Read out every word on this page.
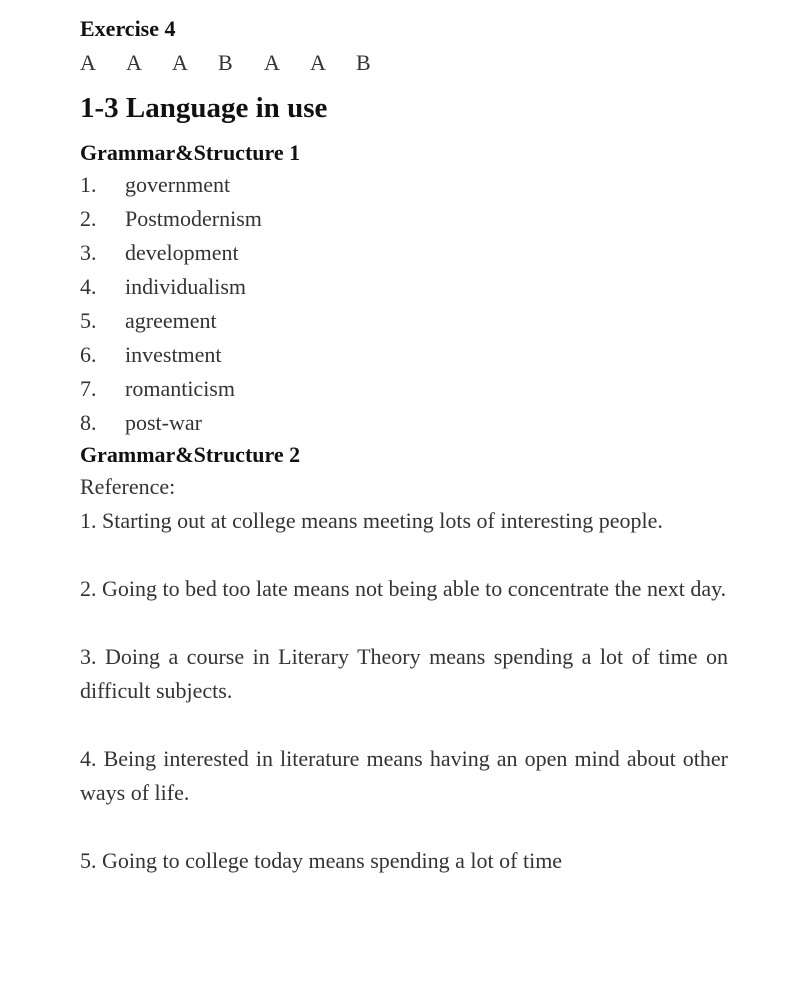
Exercise 4
A	A	A	B	A	A	B
1-3 Language in use
Grammar&Structure 1
1.	government
2.	Postmodernism
3.	development
4.	individualism
5.	agreement
6.	investment
7.	romanticism
8.	post-war
Grammar&Structure 2
Reference:

1. Starting out at college means meeting lots of interesting people.

2. Going to bed too late means not being able to concentrate the next day.

3. Doing a course in Literary Theory means spending a lot of time on difficult subjects.

4. Being interested in literature means having an open mind about other ways of life.

5. Going to college today means spending a lot of time
